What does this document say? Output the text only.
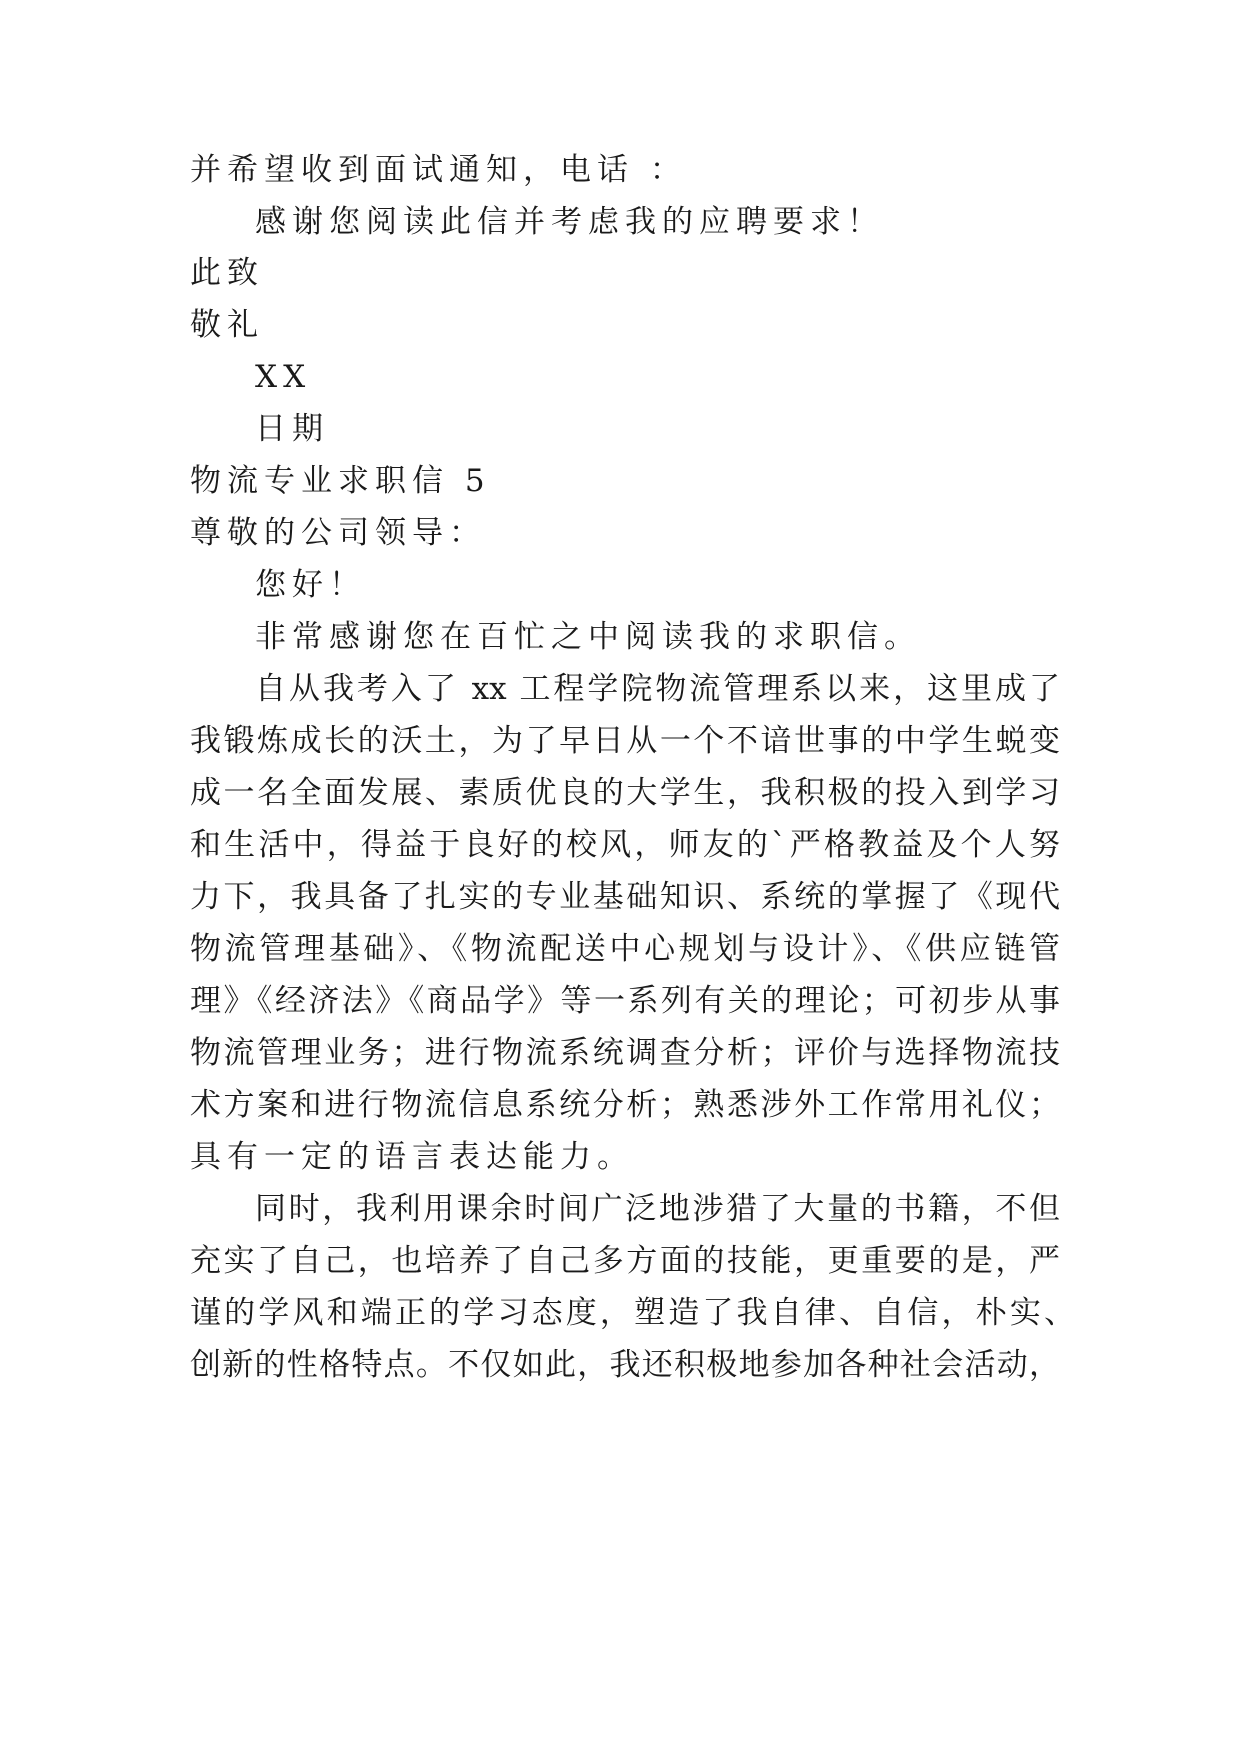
并希望收到面试通知，电话 ：
感谢您阅读此信并考虑我的应聘要求！
此致
敬礼
XX
日期
物流专业求职信 5
尊敬的公司领导：
您好！
非常感谢您在百忙之中阅读我的求职信。
自从我考入了 xx 工程学院物流管理系以来，这里成了
我锻炼成长的沃土，为了早日从一个不谙世事的中学生蜕变
成一名全面发展、素质优良的大学生，我积极的投入到学习
和生活中，得益于良好的校风，师友的`严格教益及个人努
力下，我具备了扎实的专业基础知识、系统的掌握了《现代
物流管理基础》、《物流配送中心规划与设计》、《供应链管
理》《经济法》《商品学》等一系列有关的理论；可初步从事
物流管理业务；进行物流系统调查分析；评价与选择物流技
术方案和进行物流信息系统分析；熟悉涉外工作常用礼仪；
具有一定的语言表达能力。
同时，我利用课余时间广泛地涉猎了大量的书籍，不但
充实了自己，也培养了自己多方面的技能，更重要的是，严
谨的学风和端正的学习态度，塑造了我自律、自信，朴实、
创新的性格特点。不仅如此，我还积极地参加各种社会活动，
